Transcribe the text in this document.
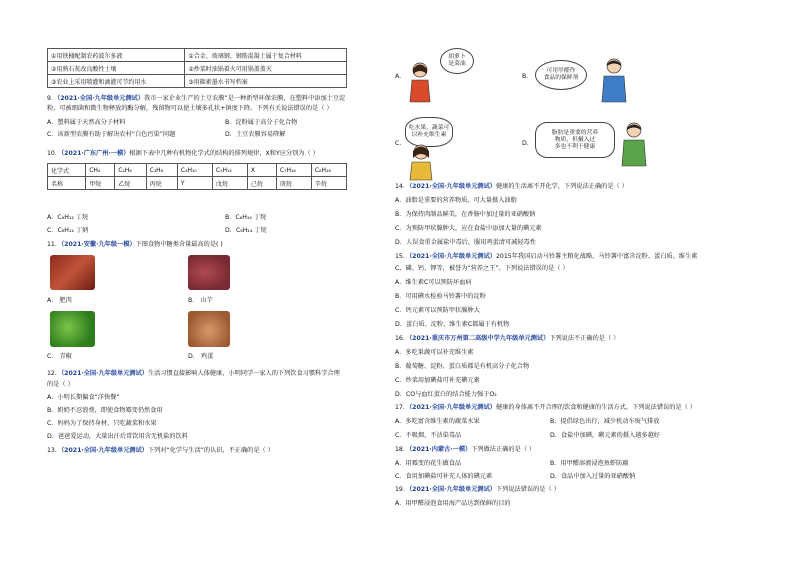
①用铁桶配制农药波尔多液	①合金、玻璃钢、钢筋混凝土属于复合材料
②用熟石灰改良酸性土壤	②炒菜时油锅着火可用锅盖盖灭
③农业上采用喷灌和滴灌可节约用水	③用碳素墨水书写档案
9．（2021·全国·九年级单元测试）我市一家企业生产的土豆农膜”是一种新型环保农膜，在塑料中添加土豆淀
粉，可被细菌和微生物释放的酶分解，残留物可以使土壤多孔状+镇度下降。下列有关说法错误的是（ ）
A．塑料属于天然高分子材料	B．淀粉属于高分子化合物
C．该新型农膜有助于解决农村“白色污染”问题	D．土豆农膜容易降解
10．（2021·广东广州·一模）根据下表中几种有机物化学式的结构的排列规律，X和Y应分别为（ ）
化学式	CH₄	C₂H₆	C₃H₈	C₄H₁₀	C₅H₁₂	X	C₇H₁₆	C₈H₁₈
名称	甲烷	乙烷	丙烷	Y	戊烷	己烷	庚烷	辛烷
A．C₆H₁₂ 丁烷	B．C₆H₁₄ 丁烷
C．C₆H₁₂ 丁炳	D．C₆H₁₄ 丁烷
11．（2021·安徽·九年级一模）下图食物中糖类含量最高的是( )
A． 肥肉	B． 山芋
C． 青椒	D． 鸡蛋
12．（2021·全国·九年级单元测试）生活习惯直接影响人体健康，小明同学一家人的下列饮食习惯科学合理
的是（ ）
A．小明长期偏食“洋快餐”
B．奶奶不忍浪费，即使食物霉变仍然食用
C．妈妈为了保持身材，只吃蔬菜和水果
D．爸爸爱运动，大量出汗后常饮用含无机盐的饮料
13．（2021·全国·九年级单元测试）下列对“化学与生活”的认识，不正确的是（ ）
A．
胡萝卜
是菜油
B．
可用甲醛作
食品的保鲜剂
C．
吃水果、蔬菜可
以补充维生素
D．
脂肪是重要的营养
物质，但摄入过
多也不利于健康
14．（2021·全国·九年级单元测试）健康的生活离不开化学，下列说法正确的是（ ）
A．油脂是重要的营养物质，可大量摄入油脂
B．为保持肉制品鲜美，在香肠中加过量的亚硝酸钠
C．为预防甲状腺肿大，应在食盐中添加大量的碘元素
D．人误食重金属盐中毒后，服用鸡蛋清可减轻毒性
15．（2021·全国·九年级单元测试）2015年我国启动马铃薯主粮化战略，马铃薯中富含淀粉、蛋白质、维生素
C、磷、钙、钾等，被誉为“营养之王”。下列说法错误的是（ ）
A．维生素C可以预防坏血病
B．可用碘水检验马铃薯中的淀粉
C．钙元素可以预防甲状腺肿大
D．蛋白质、淀粉、维生素C都属于有机物
16．（2021·重庆市万州第二高级中学九年级单元测试）下列说法不正确的是（ ）
A．多吃果蔬可以补充维生素
B．葡萄糖、淀粉、蛋白质都是有机高分子化合物
C．炒菜用加碘盐可补充碘元素
D．CO与血红蛋白的结合能力强于O₂
17．（2021·全国·九年级单元测试）健康的身体离不开合理的饮食和健康的生活方式，下列说法错误的是（ ）
A．多吃富含维生素的蔬菜水果	B．提倡绿色出行，减少机动车废气排放
C．不吸烟，不沾染毒品	D．食盐中加碘，碘元素的摄入越多越好
18．（2021·内蒙古·一模）下列做法正确的是（ ）
A．用霉变的花生做食品	B．用甲醛溶液浸泡鱼虾防腐
C．食用加碘盐可补充人体的碘元素	D．食品中加入过量的亚硝酸钠
19．（2021·全国·九年级单元测试）下列说法错误的是（ ）
A．用甲醛浸泡食用海产品达到保鲜的目的
